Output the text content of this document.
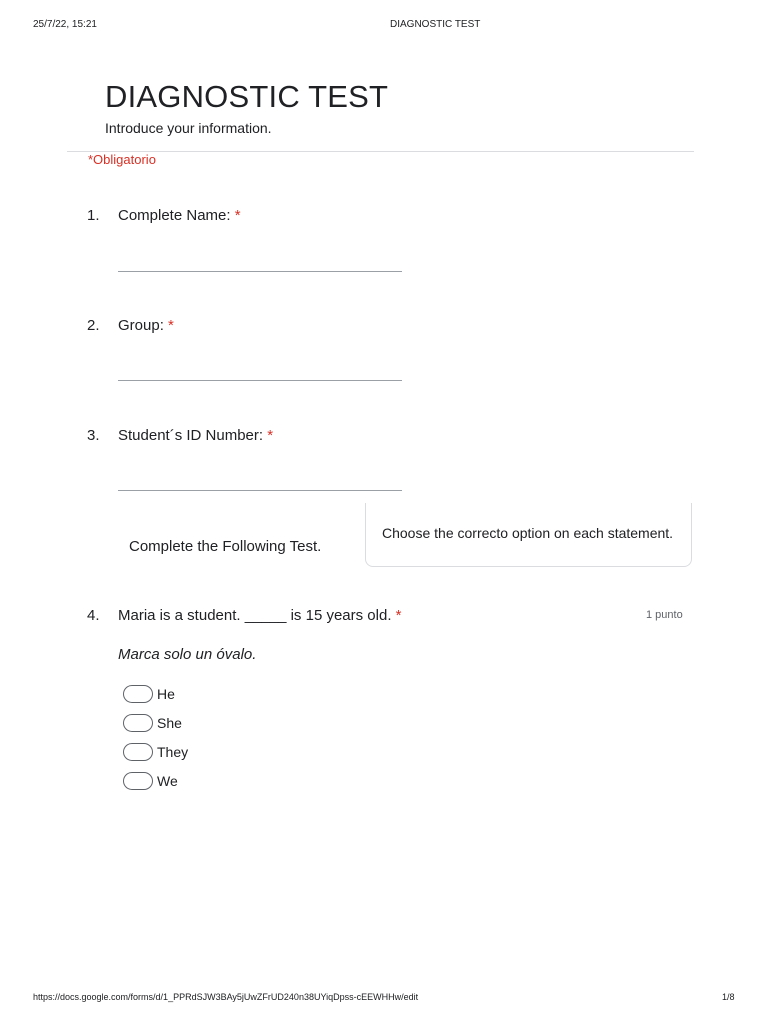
25/7/22, 15:21	DIAGNOSTIC TEST
DIAGNOSTIC TEST
Introduce your information.
*Obligatorio
1. Complete Name: *
2. Group: *
3. Student´s ID Number: *
Choose the correcto option on each statement.
Complete the Following Test.
4. Maria is a student. _____ is 15 years old. *	1 punto
Marca solo un óvalo.
He
She
They
We
https://docs.google.com/forms/d/1_PPRdSJW3BAy5jUwZFrUD240n38UYiqDpss-cEEWHHw/edit	1/8
